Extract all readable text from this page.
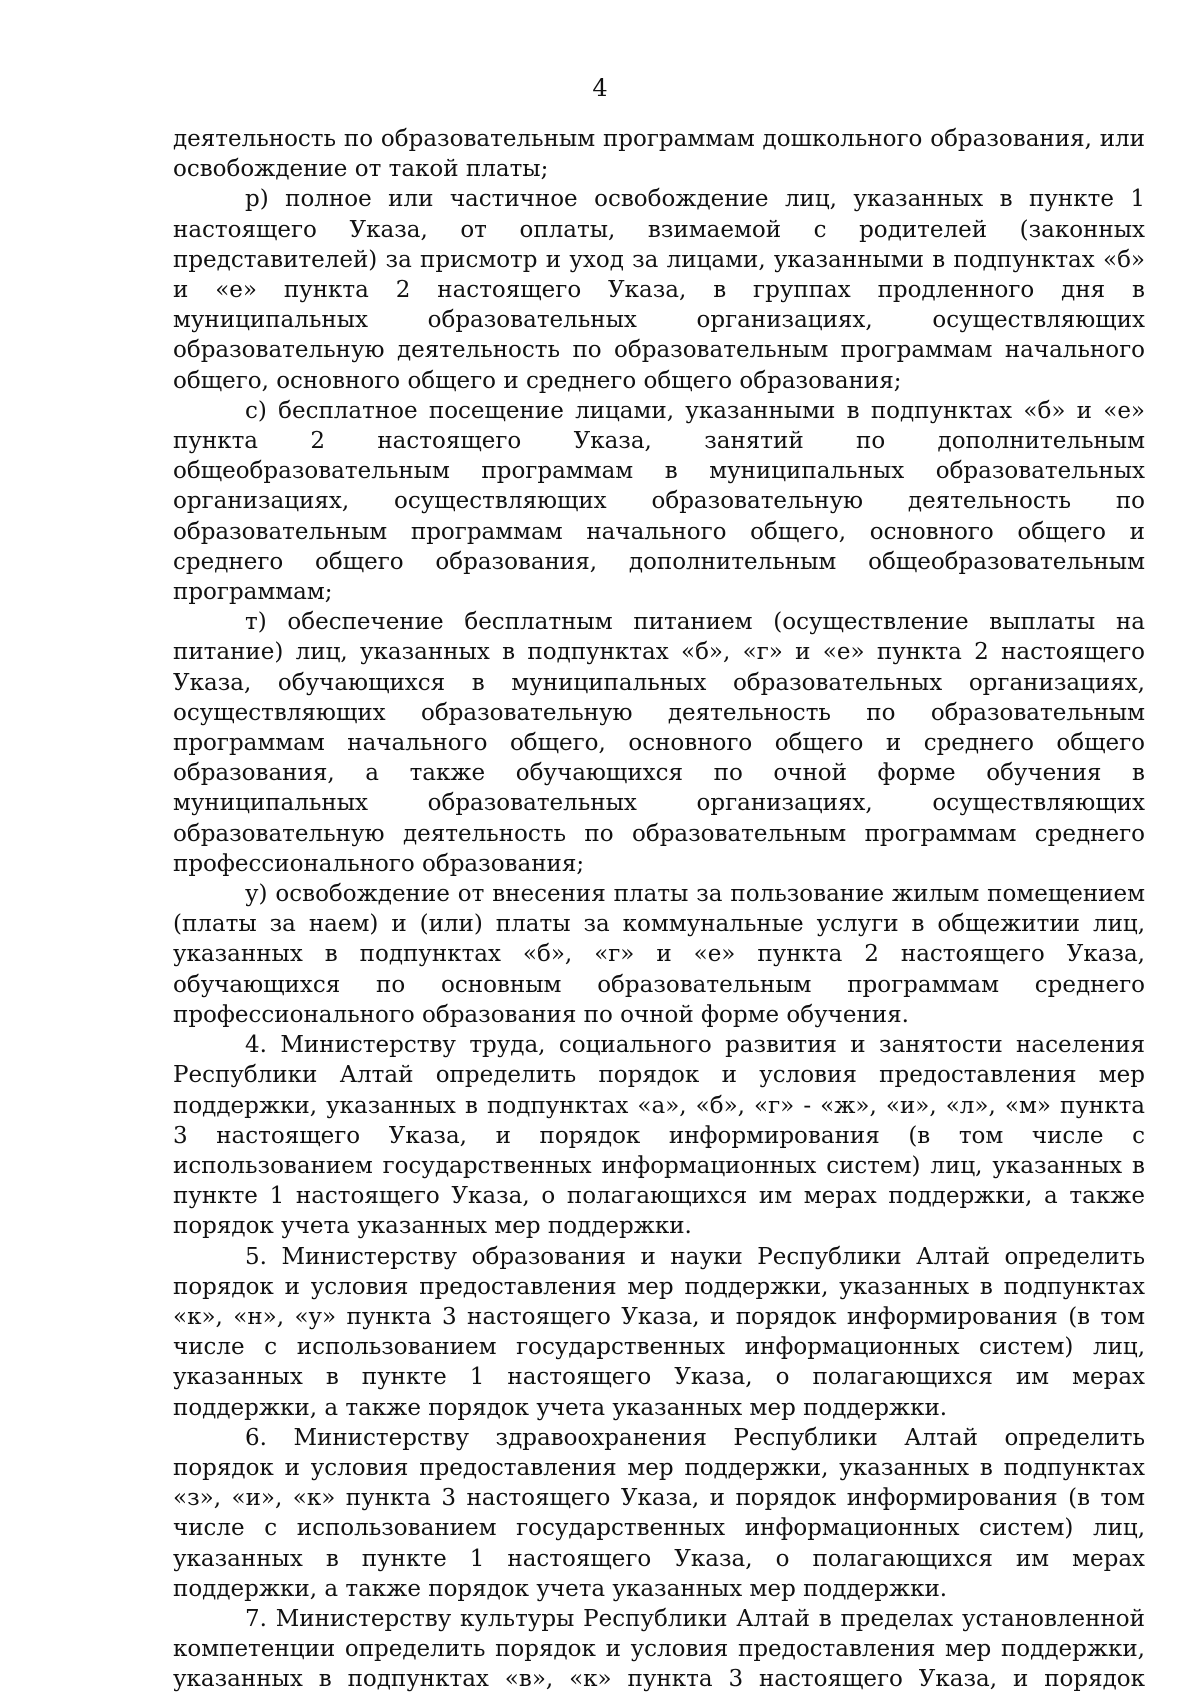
4

деятельность по образовательным программам дошкольного образования, или освобождение от такой платы;

р) полное или частичное освобождение лиц, указанных в пункте 1 настоящего Указа, от оплаты, взимаемой с родителей (законных представителей) за присмотр и уход за лицами, указанными в подпунктах «б» и «е» пункта 2 настоящего Указа, в группах продленного дня в муниципальных образовательных организациях, осуществляющих образовательную деятельность по образовательным программам начального общего, основного общего и среднего общего образования;

с) бесплатное посещение лицами, указанными в подпунктах «б» и «е» пункта 2 настоящего Указа, занятий по дополнительным общеобразовательным программам в муниципальных образовательных организациях, осуществляющих образовательную деятельность по образовательным программам начального общего, основного общего и среднего общего образования, дополнительным общеобразовательным программам;

т) обеспечение бесплатным питанием (осуществление выплаты на питание) лиц, указанных в подпунктах «б», «г» и «е» пункта 2 настоящего Указа, обучающихся в муниципальных образовательных организациях, осуществляющих образовательную деятельность по образовательным программам начального общего, основного общего и среднего общего образования, а также обучающихся по очной форме обучения в муниципальных образовательных организациях, осуществляющих образовательную деятельность по образовательным программам среднего профессионального образования;

у) освобождение от внесения платы за пользование жилым помещением (платы за наем) и (или) платы за коммунальные услуги в общежитии лиц, указанных в подпунктах «б», «г» и «е» пункта 2 настоящего Указа, обучающихся по основным образовательным программам среднего профессионального образования по очной форме обучения.

4. Министерству труда, социального развития и занятости населения Республики Алтай определить порядок и условия предоставления мер поддержки, указанных в подпунктах «а», «б», «г» - «ж», «и», «л», «м» пункта 3 настоящего Указа, и порядок информирования (в том числе с использованием государственных информационных систем) лиц, указанных в пункте 1 настоящего Указа, о полагающихся им мерах поддержки, а также порядок учета указанных мер поддержки.

5. Министерству образования и науки Республики Алтай определить порядок и условия предоставления мер поддержки, указанных в подпунктах «к», «н», «у» пункта 3 настоящего Указа, и порядок информирования (в том числе с использованием государственных информационных систем) лиц, указанных в пункте 1 настоящего Указа, о полагающихся им мерах поддержки, а также порядок учета указанных мер поддержки.

6. Министерству здравоохранения Республики Алтай определить порядок и условия предоставления мер поддержки, указанных в подпунктах «з», «и», «к» пункта 3 настоящего Указа, и порядок информирования (в том числе с использованием государственных информационных систем) лиц, указанных в пункте 1 настоящего Указа, о полагающихся им мерах поддержки, а также порядок учета указанных мер поддержки.

7. Министерству культуры Республики Алтай в пределах установленной компетенции определить порядок и условия предоставления мер поддержки, указанных в подпунктах «в», «к» пункта 3 настоящего Указа, и порядок
